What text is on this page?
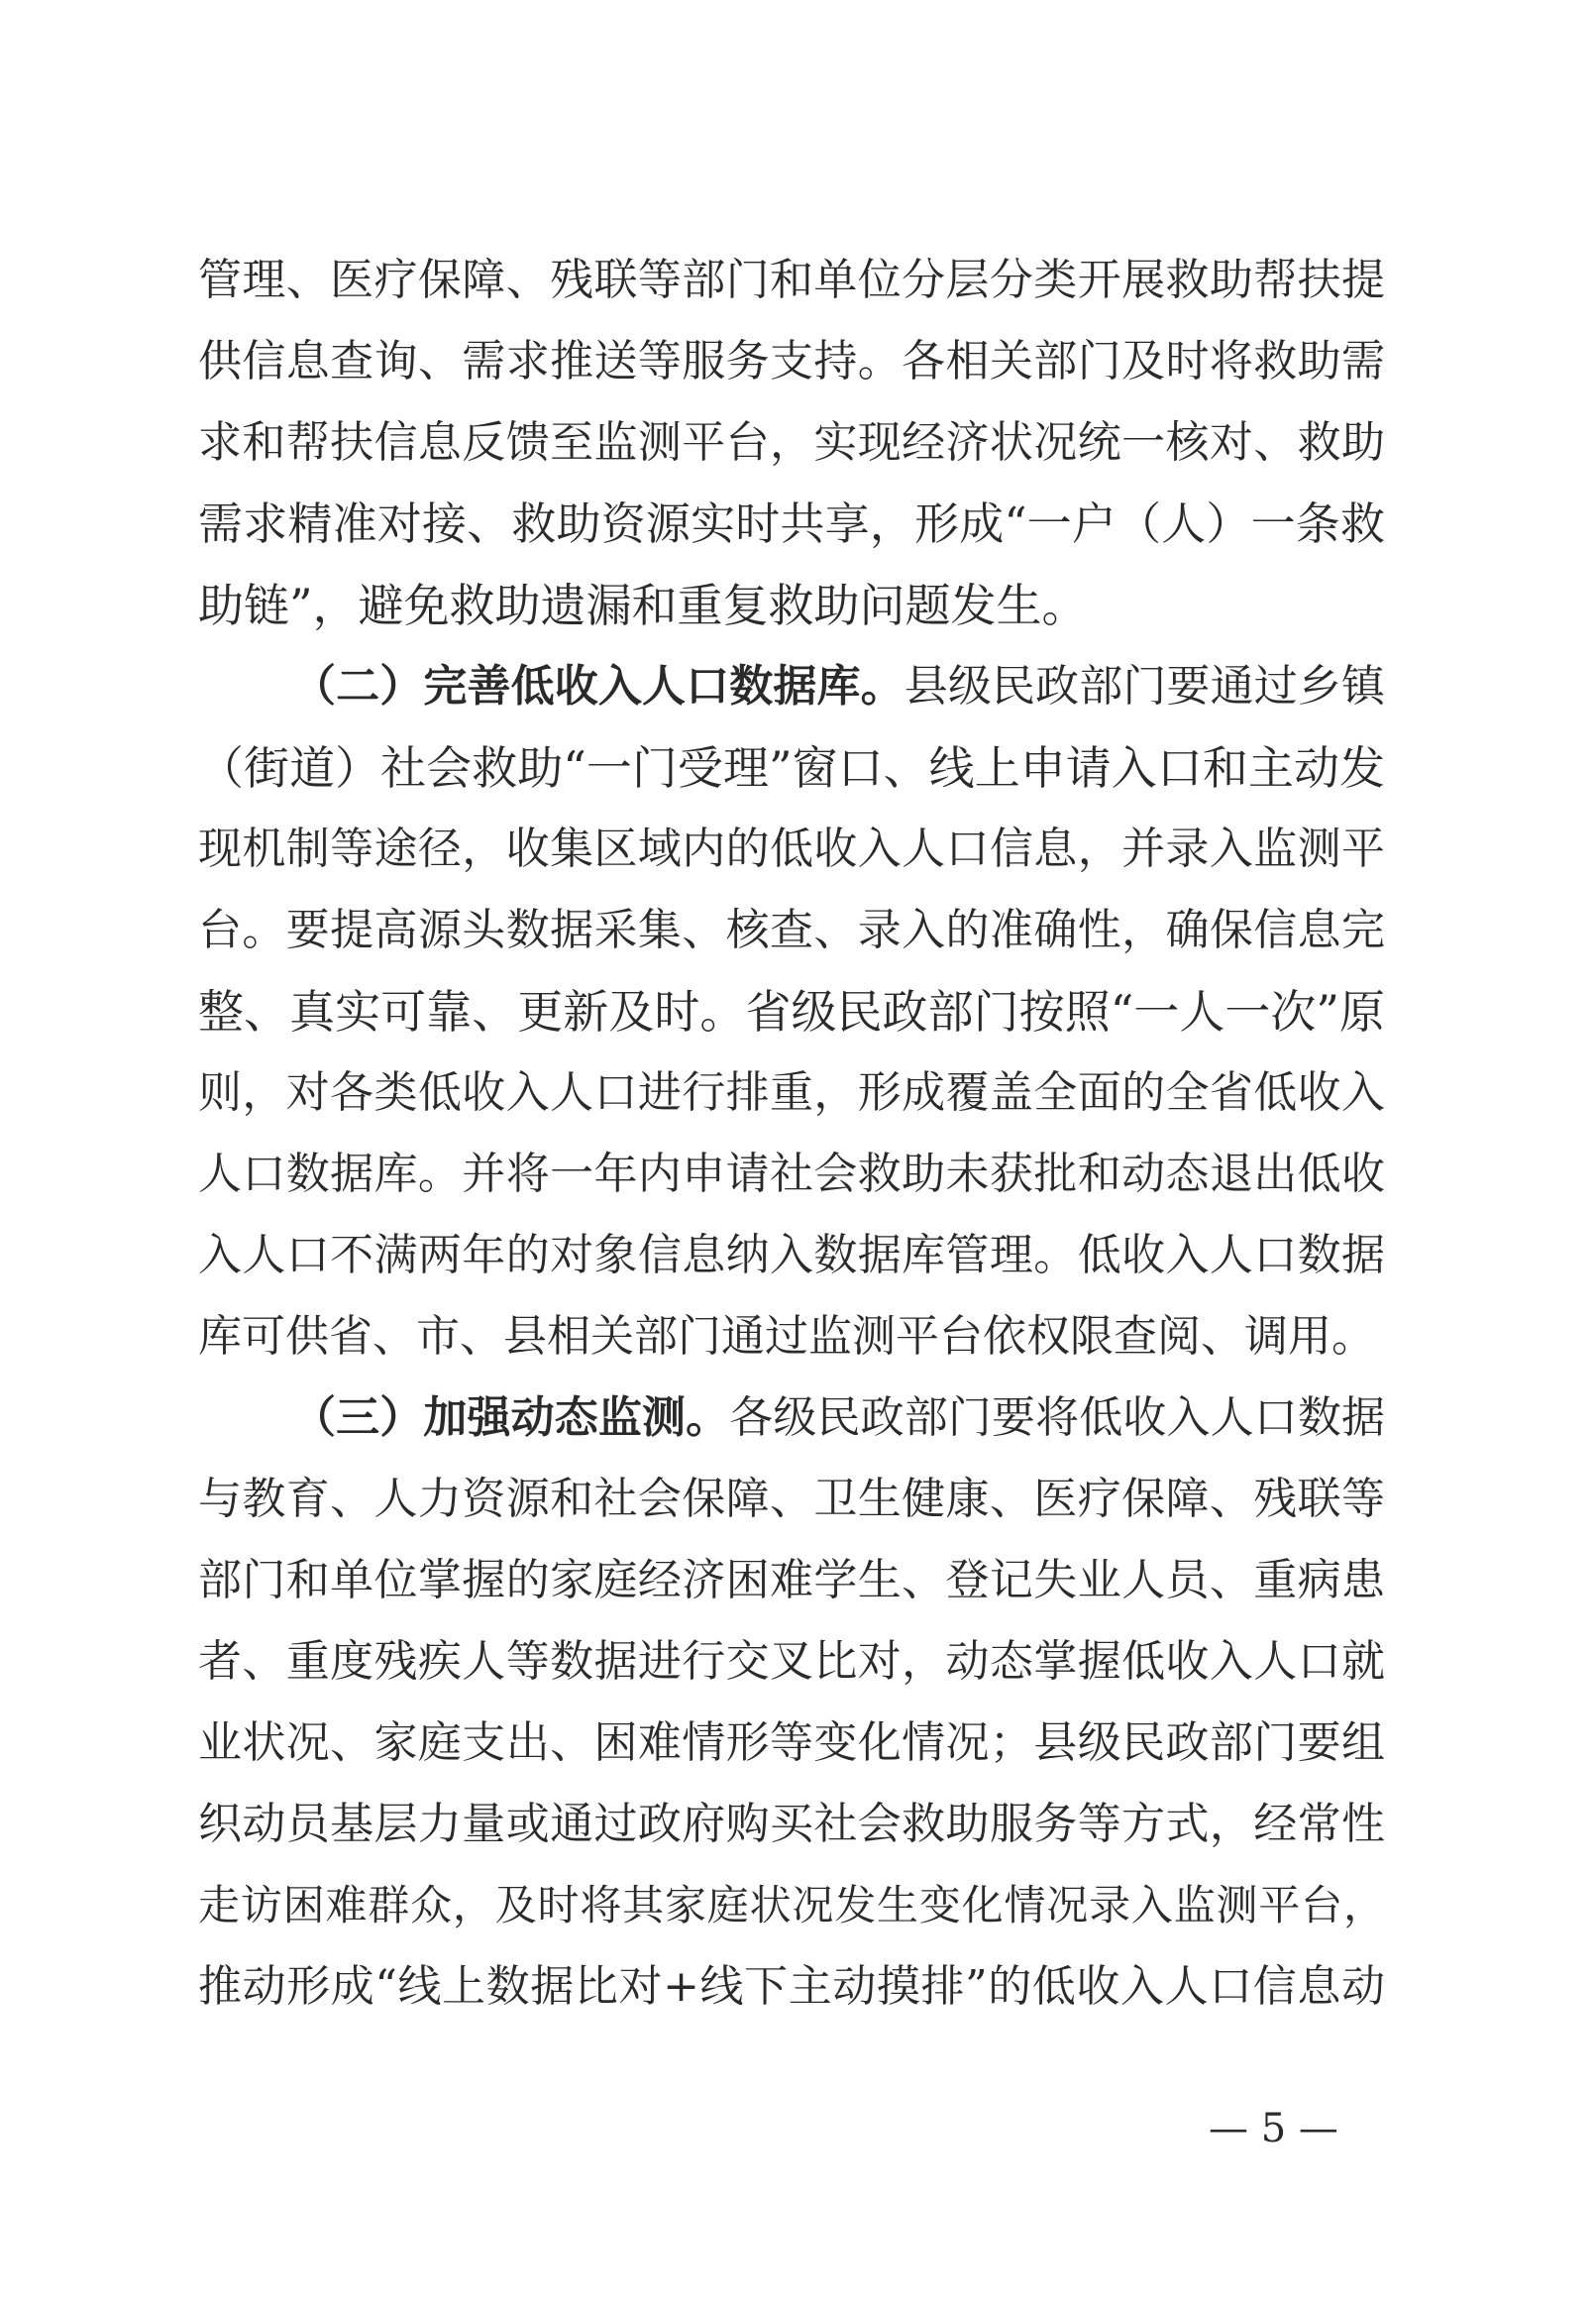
管理、医疗保障、残联等部门和单位分层分类开展救助帮扶提
供信息查询、需求推送等服务支持。各相关部门及时将救助需
求和帮扶信息反馈至监测平台，实现经济状况统一核对、救助
需求精准对接、救助资源实时共享，形成“一户（人）一条救
助链”，避免救助遗漏和重复救助问题发生。
（二）完善低收入人口数据库。县级民政部门要通过乡镇
（街道）社会救助“一门受理”窗口、线上申请入口和主动发
现机制等途径，收集区域内的低收入人口信息，并录入监测平
台。要提高源头数据采集、核查、录入的准确性，确保信息完
整、真实可靠、更新及时。省级民政部门按照“一人一次”原
则，对各类低收入人口进行排重，形成覆盖全面的全省低收入
人口数据库。并将一年内申请社会救助未获批和动态退出低收
入人口不满两年的对象信息纳入数据库管理。低收入人口数据
库可供省、市、县相关部门通过监测平台依权限查阅、调用。
（三）加强动态监测。各级民政部门要将低收入人口数据
与教育、人力资源和社会保障、卫生健康、医疗保障、残联等
部门和单位掌握的家庭经济困难学生、登记失业人员、重病患
者、重度残疾人等数据进行交叉比对，动态掌握低收入人口就
业状况、家庭支出、困难情形等变化情况；县级民政部门要组
织动员基层力量或通过政府购买社会救助服务等方式，经常性
走访困难群众，及时将其家庭状况发生变化情况录入监测平台，
推动形成“线上数据比对+线下主动摸排”的低收入人口信息动
— 5 —
